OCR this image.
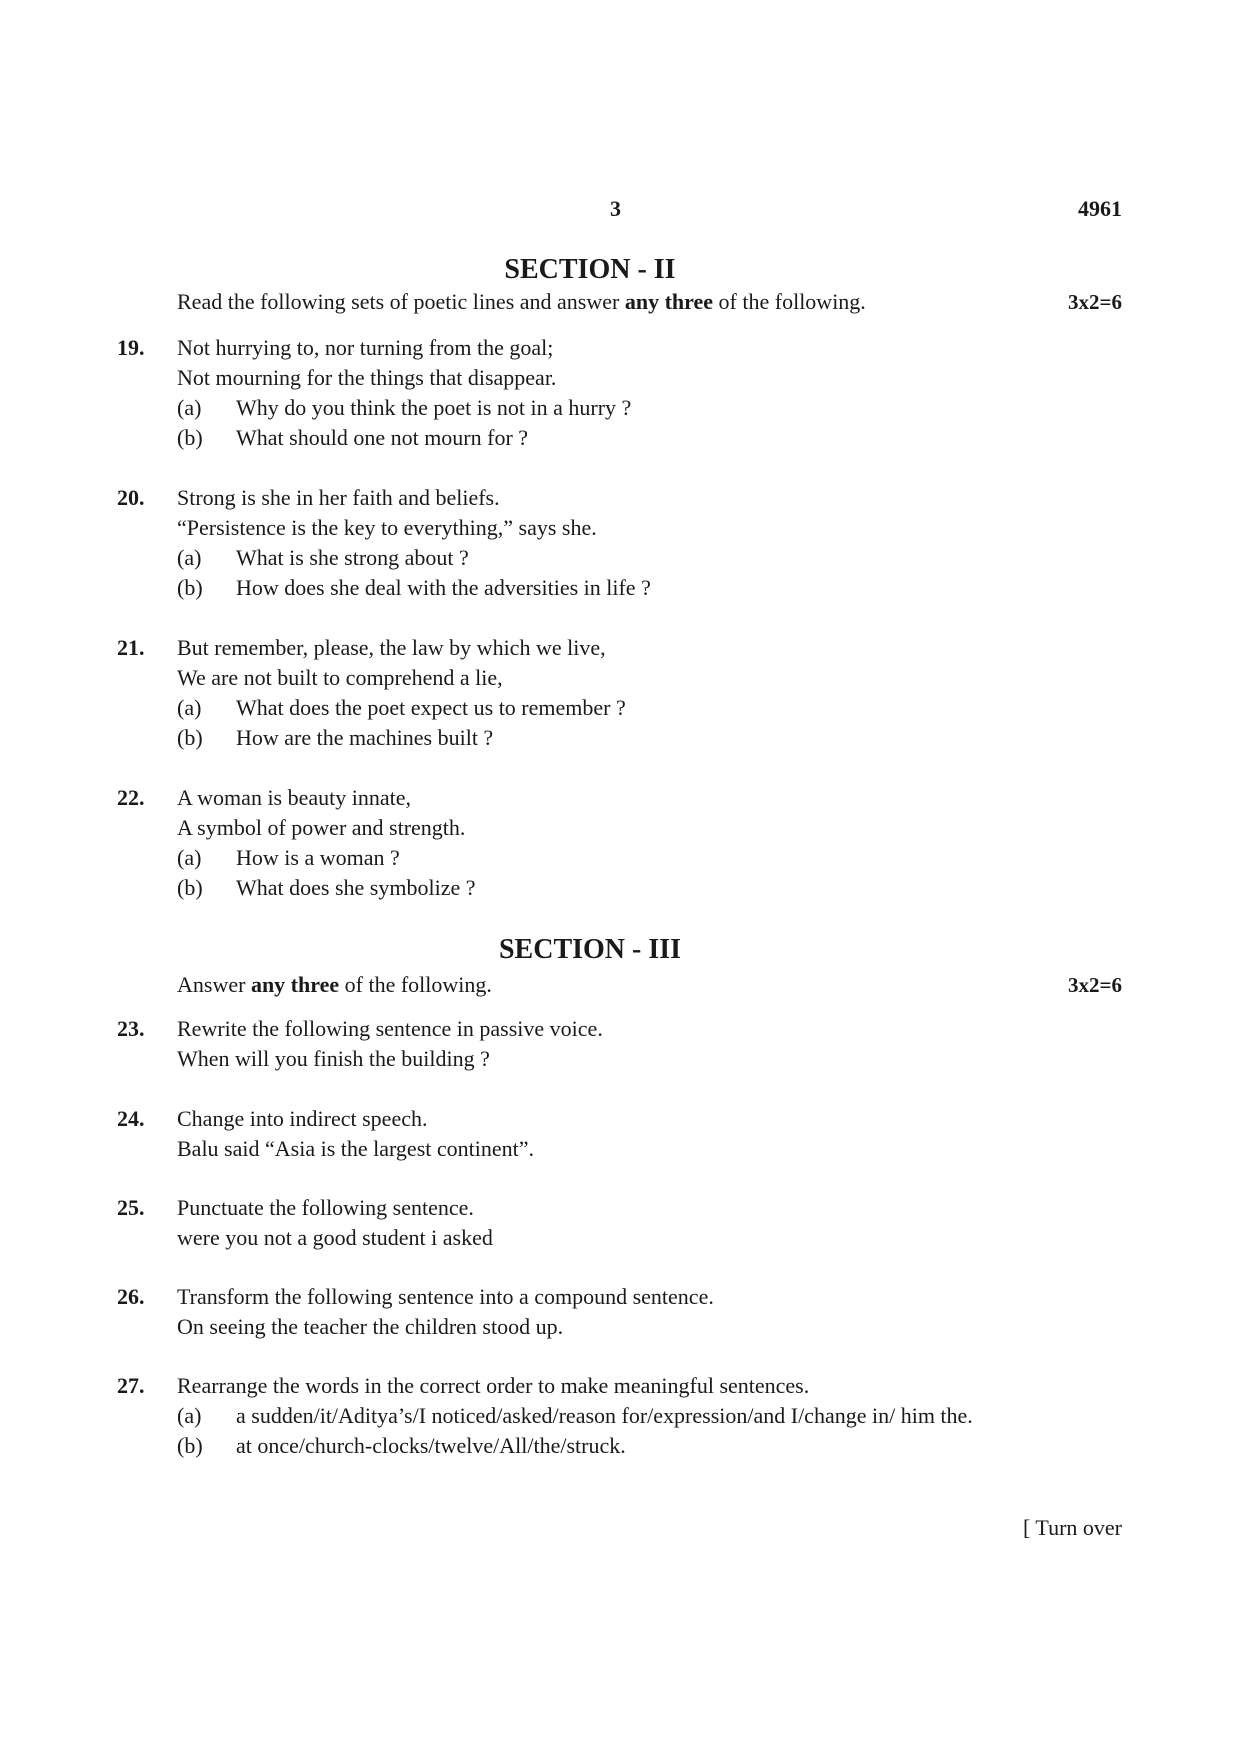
3	4961
SECTION - II
Read the following sets of poetic lines and answer any three of the following.	3x2=6
19. Not hurrying to, nor turning from the goal;
Not mourning for the things that disappear.
(a) Why do you think the poet is not in a hurry ?
(b) What should one not mourn for ?
20. Strong is she in her faith and beliefs.
“Persistence is the key to everything,” says she.
(a) What is she strong about ?
(b) How does she deal with the adversities in life ?
21. But remember, please, the law by which we live,
We are not built to comprehend a lie,
(a) What does the poet expect us to remember ?
(b) How are the machines built ?
22. A woman is beauty innate,
A symbol of power and strength.
(a) How is a woman ?
(b) What does she symbolize ?
SECTION - III
Answer any three of the following.	3x2=6
23. Rewrite the following sentence in passive voice.
When will you finish the building ?
24. Change into indirect speech.
Balu said “Asia is the largest continent”.
25. Punctuate the following sentence.
were you not a good student i asked
26. Transform the following sentence into a compound sentence.
On seeing the teacher the children stood up.
27. Rearrange the words in the correct order to make meaningful sentences.
(a) a sudden/it/Aditya’s/I noticed/asked/reason for/expression/and I/change in/ him the.
(b) at once/church-clocks/twelve/All/the/struck.
[ Turn over
